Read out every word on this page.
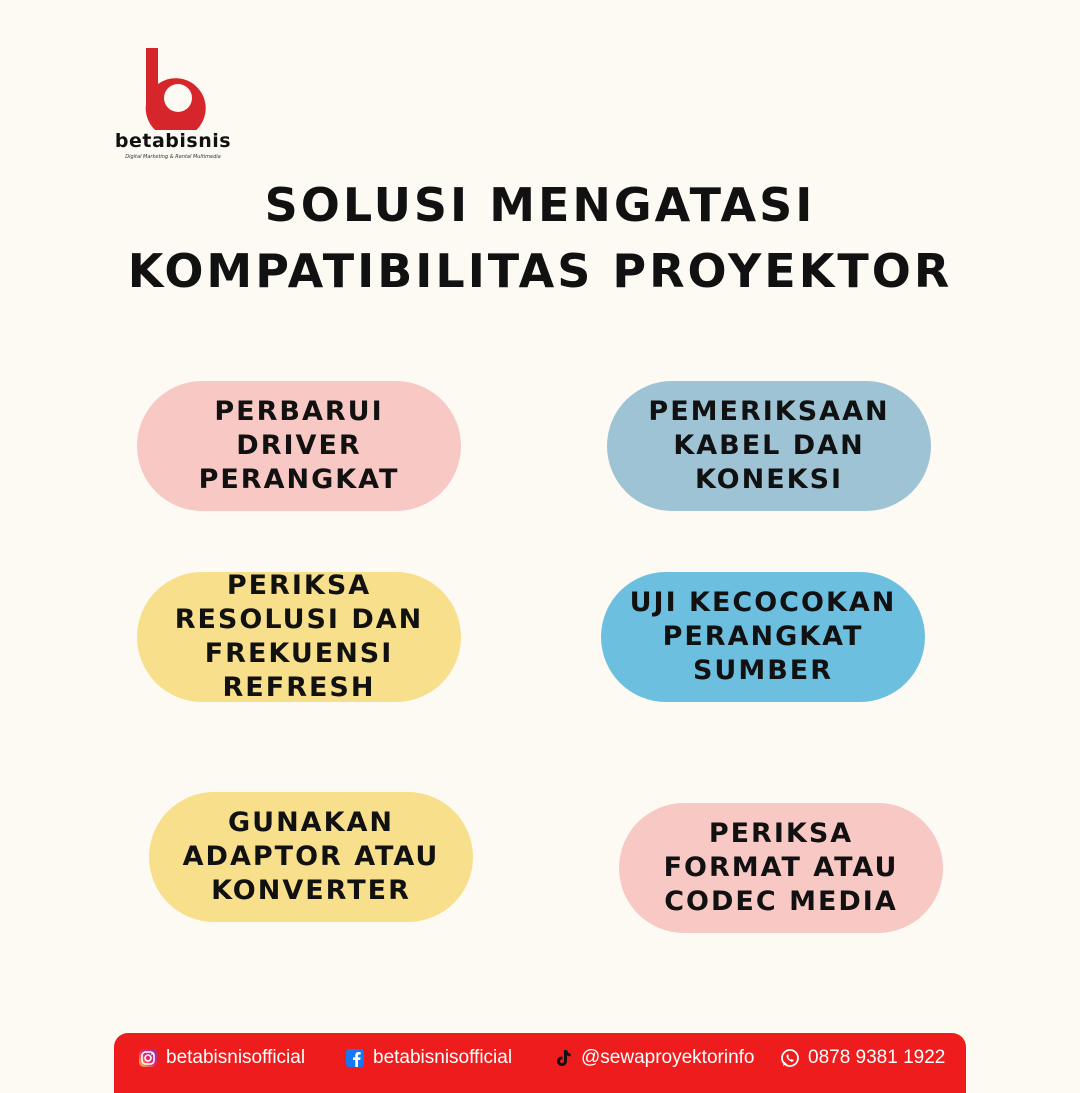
betabisnis
Digital Marketing & Rental Multimedia
SOLUSI MENGATASI
KOMPATIBILITAS PROYEKTOR
PERBARUI DRIVER PERANGKAT
PEMERIKSAAN KABEL DAN KONEKSI
PERIKSA RESOLUSI DAN FREKUENSI REFRESH
UJI KECOCOKAN PERANGKAT SUMBER
GUNAKAN ADAPTOR ATAU KONVERTER
PERIKSA FORMAT ATAU CODEC MEDIA
betabisnisofficial	betabisnisofficial	@sewaproyektorinfo	0878 9381 1922
